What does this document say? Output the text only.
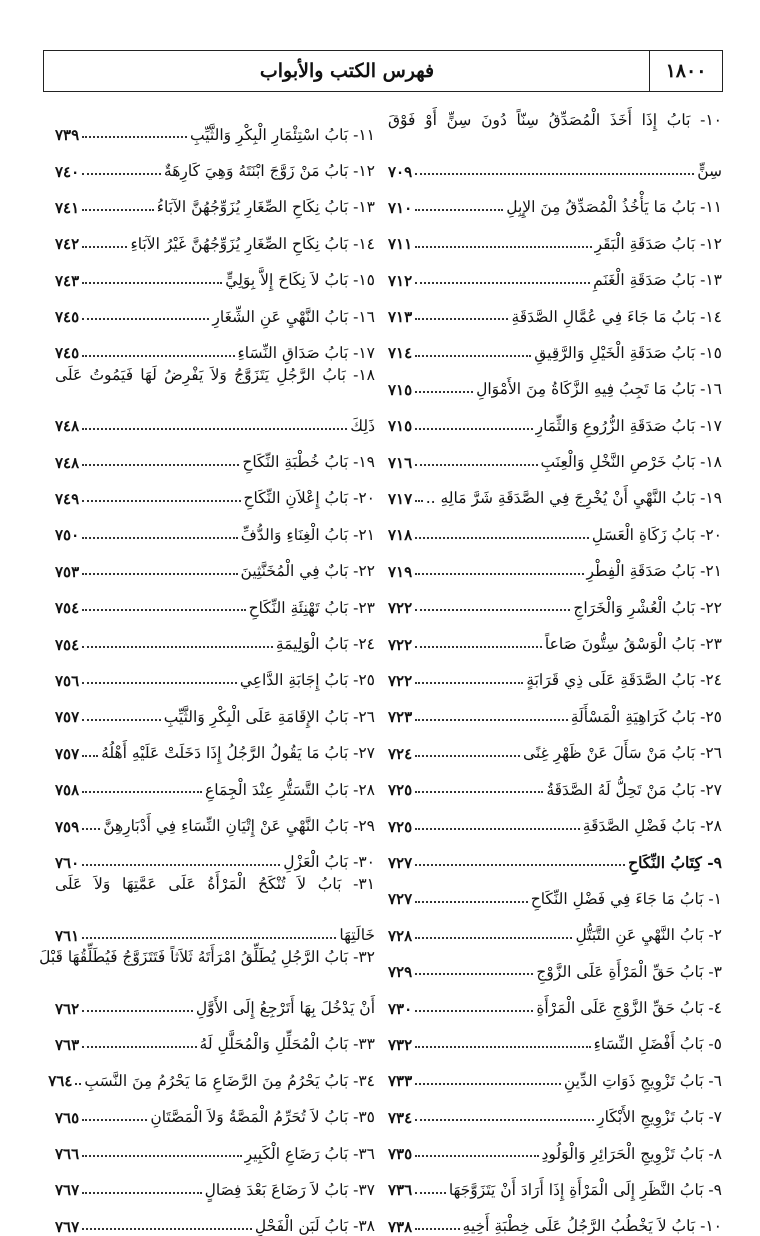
١٨٠٠
فهرس الكتب والأبواب
١٠- بَابُ إِذَا أَخَذَ الْمُصَدِّقُ سِنّاً دُونَ سِنٍّ أَوْ فَوْقَ
سِنٍّ
٧٠٩
١١- بَابُ مَا يَأْخُذُ الْمُصَدِّقُ مِنَ الإِبِلِ
٧١٠
١٢- بَابُ صَدَقَةِ الْبَقَرِ
٧١١
١٣- بَابُ صَدَقَةِ الْغَنَمِ
٧١٢
١٤- بَابُ مَا جَاءَ فِي عُمَّالِ الصَّدَقَةِ
٧١٣
١٥- بَابُ صَدَقَةِ الْخَيْلِ وَالرَّقِيقِ
٧١٤
١٦- بَابُ مَا تَجِبُ فِيهِ الزَّكَاةُ مِنَ الأَمْوَالِ
٧١٥
١٧- بَابُ صَدَقَةِ الزُّرُوعِ وَالثِّمَارِ
٧١٥
١٨- بَابُ خَرْصِ النَّخْلِ وَالْعِنَبِ
٧١٦
١٩- بَابُ النَّهْيِ أَنْ يُخْرِجَ فِي الصَّدَقَةِ شَرَّ مَالِهِ ..
٧١٧
٢٠- بَابُ زَكَاةِ الْعَسَلِ
٧١٨
٢١- بَابُ صَدَقَةِ الْفِطْرِ
٧١٩
٢٢- بَابُ الْعُشْرِ وَالْخَرَاجِ
٧٢٢
٢٣- بَابُ الْوَسْقُ سِتُّونَ صَاعاً
٧٢٢
٢٤- بَابُ الصَّدَقَةِ عَلَى ذِي قَرَابَةٍ
٧٢٢
٢٥- بَابُ كَرَاهِيَةِ الْمَسْأَلَةِ
٧٢٣
٢٦- بَابُ مَنْ سَأَلَ عَنْ ظَهْرِ غِنًى
٧٢٤
٢٧- بَابُ مَنْ تَحِلُّ لَهُ الصَّدَقَةُ
٧٢٥
٢٨- بَابُ فَضْلِ الصَّدَقَةِ
٧٢٥
٩- كِتَابُ النِّكَاحِ
٧٢٧
١- بَابُ مَا جَاءَ فِي فَضْلِ النِّكَاحِ
٧٢٧
٢- بَابُ النَّهْيِ عَنِ التَّبَتُّلِ
٧٢٨
٣- بَابُ حَقِّ الْمَرْأَةِ عَلَى الزَّوْجِ
٧٢٩
٤- بَابُ حَقِّ الزَّوْجِ عَلَى الْمَرْأَةِ
٧٣٠
٥- بَابُ أَفْضَلِ النِّسَاءِ
٧٣٢
٦- بَابُ تَزْوِيجِ ذَوَاتِ الدِّينِ
٧٣٣
٧- بَابُ تَزْوِيجِ الأَبْكَارِ
٧٣٤
٨- بَابُ تَزْوِيجِ الْحَرَائِرِ وَالْوَلُودِ
٧٣٥
٩- بَابُ النَّظَرِ إِلَى الْمَرْأَةِ إِذَا أَرَادَ أَنْ يَتَزَوَّجَهَا
٧٣٦
١٠- بَابُ لاَ يَخْطُبُ الرَّجُلُ عَلَى خِطْبَةِ أَخِيهِ
٧٣٨
١١- بَابُ اسْتِئْمَارِ الْبِكْرِ وَالثَّيِّبِ
٧٣٩
١٢- بَابُ مَنْ زَوَّجَ ابْنَتَهُ وَهِيَ كَارِهَةٌ
٧٤٠
١٣- بَابُ نِكَاحِ الصِّغَارِ يُزَوِّجُهُنَّ الآبَاءُ
٧٤١
١٤- بَابُ نِكَاحِ الصِّغَارِ يُزَوِّجُهُنَّ غَيْرُ الآبَاءِ
٧٤٢
١٥- بَابُ لاَ نِكَاحَ إِلاَّ بِوَلِيٍّ
٧٤٣
١٦- بَابُ النَّهْيِ عَنِ الشِّغَارِ
٧٤٥
١٧- بَابُ صَدَاقِ النِّسَاءِ
٧٤٥
١٨- بَابُ الرَّجُلِ يَتَزَوَّجُ وَلاَ يَفْرِضُ لَهَا فَيَمُوتُ عَلَى
ذَلِكَ
٧٤٨
١٩- بَابُ خُطْبَةِ النِّكَاحِ
٧٤٨
٢٠- بَابُ إِعْلاَنِ النِّكَاحِ
٧٤٩
٢١- بَابُ الْغِنَاءِ وَالدُّفِّ
٧٥٠
٢٢- بَابٌ فِي الْمُخَنَّثِينَ
٧٥٣
٢٣- بَابُ تَهْنِئَةِ النِّكَاحِ
٧٥٤
٢٤- بَابُ الْوَلِيمَةِ
٧٥٤
٢٥- بَابُ إِجَابَةِ الدَّاعِي
٧٥٦
٢٦- بَابُ الإِقَامَةِ عَلَى الْبِكْرِ وَالثَّيِّبِ
٧٥٧
٢٧- بَابُ مَا يَقُولُ الرَّجُلُ إِذَا دَخَلَتْ عَلَيْهِ أَهْلُهُ
٧٥٧
٢٨- بَابُ التَّسَتُّرِ عِنْدَ الْجِمَاعِ
٧٥٨
٢٩- بَابُ النَّهْيِ عَنْ إِتْيَانِ النِّسَاءِ فِي أَدْبَارِهِنَّ
٧٥٩
٣٠- بَابُ الْعَزْلِ
٧٦٠
٣١- بَابُ لاَ تُنْكَحُ الْمَرْأَةُ عَلَى عَمَّتِهَا وَلاَ عَلَى
خَالَتِهَا
٧٦١
٣٢- بَابُ الرَّجُلِ يُطَلِّقُ امْرَأَتَهُ ثَلاَثاً فَتَتَزَوَّجُ فَيُطَلِّقُهَا قَبْلَ
أَنْ يَدْخُلَ بِهَا أَتَرْجِعُ إِلَى الأَوَّلِ
٧٦٢
٣٣- بَابُ الْمُحَلِّلِ وَالْمُحَلَّلِ لَهُ
٧٦٣
٣٤- بَابُ يَحْرُمُ مِنَ الرَّضَاعِ مَا يَحْرُمُ مِنَ النَّسَبِ
٧٦٤
٣٥- بَابُ لاَ تُحَرِّمُ الْمَصَّةُ وَلاَ الْمَصَّتَانِ
٧٦٥
٣٦- بَابُ رَضَاعِ الْكَبِيرِ
٧٦٦
٣٧- بَابُ لاَ رَضَاعَ بَعْدَ فِصَالٍ
٧٦٧
٣٨- بَابُ لَبَنِ الْفَحْلِ
٧٦٧
